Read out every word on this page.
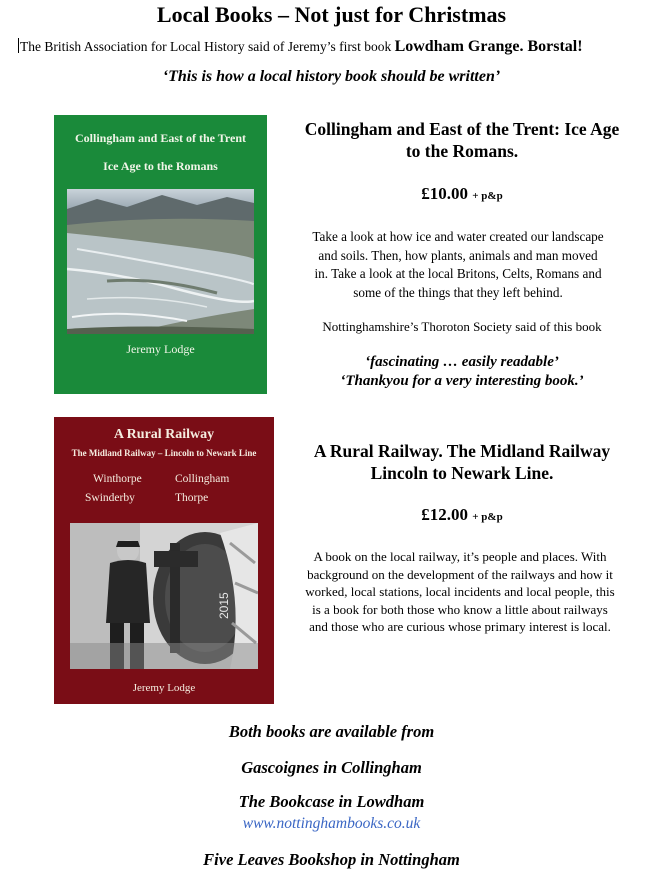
Local Books – Not just for Christmas
The British Association for Local History said of Jeremy’s first book Lowdham Grange. Borstal!
‘This is how a local history book should be written’
Collingham and East of the Trent
Ice Age to the Romans
Jeremy Lodge
Collingham and East of the Trent: Ice Age
to the Romans.
£10.00 + p&p
Take a look at how ice and water created our landscape
and soils. Then, how plants, animals and man moved
in. Take a look at the local Britons, Celts, Romans and
some of the things that they left behind.
Nottinghamshire’s Thoroton Society said of this book
‘fascinating … easily readable’
‘Thankyou for a very interesting book.’
A Rural Railway
The Midland Railway – Lincoln to Newark Line
Winthorpe	Collingham
Swinderby	Thorpe
2015
Jeremy Lodge
A Rural Railway. The Midland Railway
Lincoln to Newark Line.
£12.00 + p&p
A book on the local railway, it’s people and places. With
background on the development of the railways and how it
worked, local stations, local incidents and local people, this
is a book for both those who know a little about railways
and those who are curious whose primary interest is local.
Both books are available from
Gascoignes in Collingham
The Bookcase in Lowdham
www.nottinghambooks.co.uk
Five Leaves Bookshop in Nottingham
